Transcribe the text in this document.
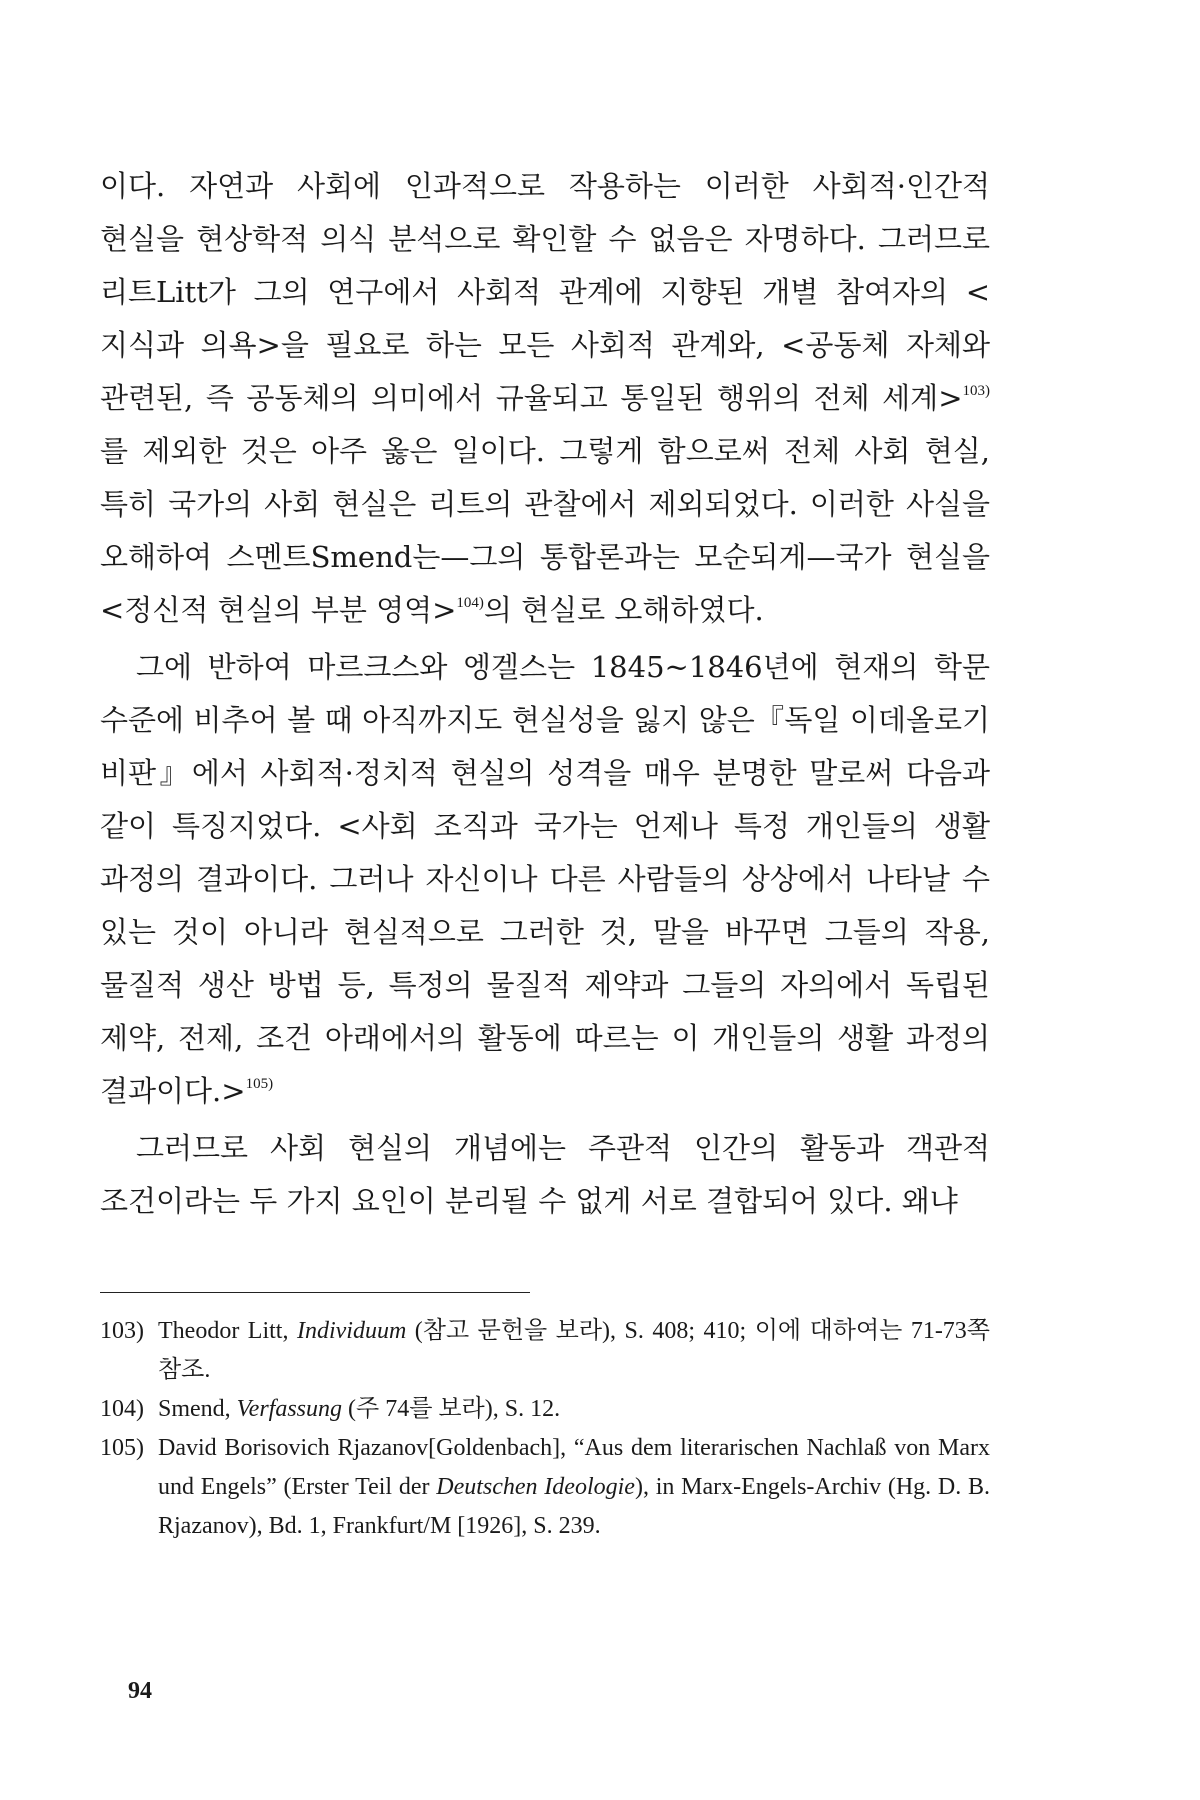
이다. 자연과 사회에 인과적으로 작용하는 이러한 사회적·인간적 현실을 현상학적 의식 분석으로 확인할 수 없음은 자명하다. 그러므로 리트Litt가 그의 연구에서 사회적 관계에 지향된 개별 참여자의 <지식과 의욕>을 필요로 하는 모든 사회적 관계와, <공동체 자체와 관련된, 즉 공동체의 의미에서 규율되고 통일된 행위의 전체 세계>$^{103)}$를 제외한 것은 아주 옳은 일이다. 그렇게 함으로써 전체 사회 현실, 특히 국가의 사회 현실은 리트의 관찰에서 제외되었다. 이러한 사실을 오해하여 스멘트Smend는—그의 통합론과는 모순되게—국가 현실을 <정신적 현실의 부분 영역>$^{104)}$의 현실로 오해하였다.

그에 반하여 마르크스와 엥겔스는 1845~1846년에 현재의 학문 수준에 비추어 볼 때 아직까지도 현실성을 잃지 않은『독일 이데올로기 비판』에서 사회적·정치적 현실의 성격을 매우 분명한 말로써 다음과 같이 특징지었다. <사회 조직과 국가는 언제나 특정 개인들의 생활 과정의 결과이다. 그러나 자신이나 다른 사람들의 상상에서 나타날 수 있는 것이 아니라 현실적으로 그러한 것, 말을 바꾸면 그들의 작용, 물질적 생산 방법 등, 특정의 물질적 제약과 그들의 자의에서 독립된 제약, 전제, 조건 아래에서의 활동에 따르는 이 개인들의 생활 과정의 결과이다.>$^{105)}$

그러므로 사회 현실의 개념에는 주관적 인간의 활동과 객관적 조건이라는 두 가지 요인이 분리될 수 없게 서로 결합되어 있다. 왜냐

103) Theodor Litt, Individuum (참고 문헌을 보라), S. 408; 410; 이에 대하여는 71-73쪽 참조.
104) Smend, Verfassung (주 74를 보라), S. 12.
105) David Borisovich Rjazanov[Goldenbach], “Aus dem literarischen Nachlaß von Marx und Engels” (Erster Teil der Deutschen Ideologie), in Marx-Engels-Archiv (Hg. D. B. Rjazanov), Bd. 1, Frankfurt/M [1926], S. 239.
94
